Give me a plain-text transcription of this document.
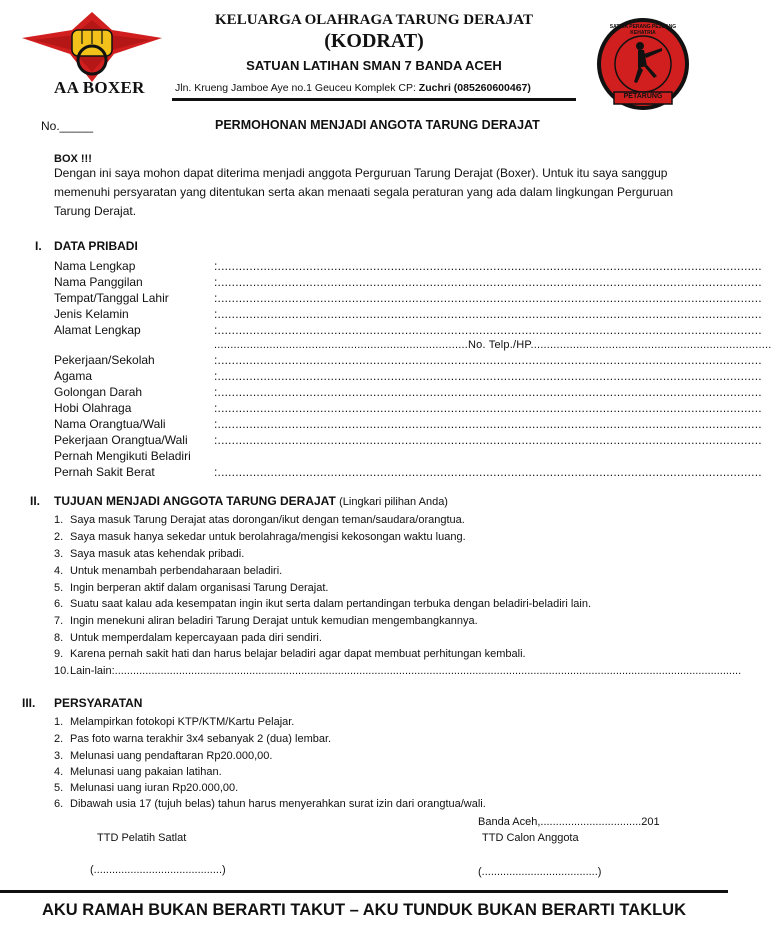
AA BOXER
KELUARGA OLAHRAGA TARUNG DERAJAT
(KODRAT)
SATUAN LATIHAN SMAN 7 BANDA ACEH
Jln. Krueng Jamboe Aye no.1 Geuceu Komplek CP: Zuchri (085260600467)
SATRIA PERANG PEJUANG KEHATRIA
PETARUNG
No._____	PERMOHONAN MENJADI ANGOTA TARUNG DERAJAT
BOX !!!
Dengan ini saya mohon dapat diterima menjadi anggota Perguruan Tarung Derajat (Boxer). Untuk itu saya sanggup memenuhi persyaratan yang ditentukan serta akan menaati segala peraturan yang ada dalam lingkungan Perguruan Tarung Derajat.
I. DATA PRIBADI
Nama Lengkap	:..........................................................................................................................................................
Nama Panggilan	:..........................................................................................................................................................
Tempat/Tanggal Lahir	:..........................................................................................................................................................
Jenis Kelamin	:..........................................................................................................................................................
Alamat Lengkap	:..........................................................................................................................................................
..............................................................................No. Telp./HP..........................................................................
Pekerjaan/Sekolah	:..........................................................................................................................................................
Agama	:..........................................................................................................................................................
Golongan Darah	:..........................................................................................................................................................
Hobi Olahraga	:..........................................................................................................................................................
Nama Orangtua/Wali	:..........................................................................................................................................................
Pekerjaan Orangtua/Wali :..........................................................................................................................................................
Pernah Mengikuti Beladiri
Pernah Sakit Berat	:..........................................................................................................................................................
II. TUJUAN MENJADI ANGGOTA TARUNG DERAJAT (Lingkari pilihan Anda)
1. Saya masuk Tarung Derajat atas dorongan/ikut dengan teman/saudara/orangtua.
2. Saya masuk hanya sekedar untuk berolahraga/mengisi kekosongan waktu luang.
3. Saya masuk atas kehendak pribadi.
4. Untuk menambah perbendaharaan beladiri.
5. Ingin berperan aktif dalam organisasi Tarung Derajat.
6. Suatu saat kalau ada kesempatan ingin ikut serta dalam pertandingan terbuka dengan beladiri-beladiri lain.
7. Ingin menekuni aliran beladiri Tarung Derajat untuk kemudian mengembangkannya.
8. Untuk memperdalam kepercayaan pada diri sendiri.
9. Karena pernah sakit hati dan harus belajar beladiri agar dapat membuat perhitungan kembali.
10.Lain-lain:.............................................................................................................................................................................................................
III. PERSYARATAN
1. Melampirkan fotokopi KTP/KTM/Kartu Pelajar.
2. Pas foto warna terakhir 3x4 sebanyak 2 (dua) lembar.
3. Melunasi uang pendaftaran Rp20.000,00.
4. Melunasi uang pakaian latihan.
5. Melunasi uang iuran Rp20.000,00.
6. Dibawah usia 17 (tujuh belas) tahun harus menyerahkan surat izin dari orangtua/wali.
Banda Aceh,.................................201
TTD Pelatih Satlat	TTD Calon Anggota
(..........................................)	(......................................)
AKU RAMAH BUKAN BERARTI TAKUT – AKU TUNDUK BUKAN BERARTI TAKLUK
